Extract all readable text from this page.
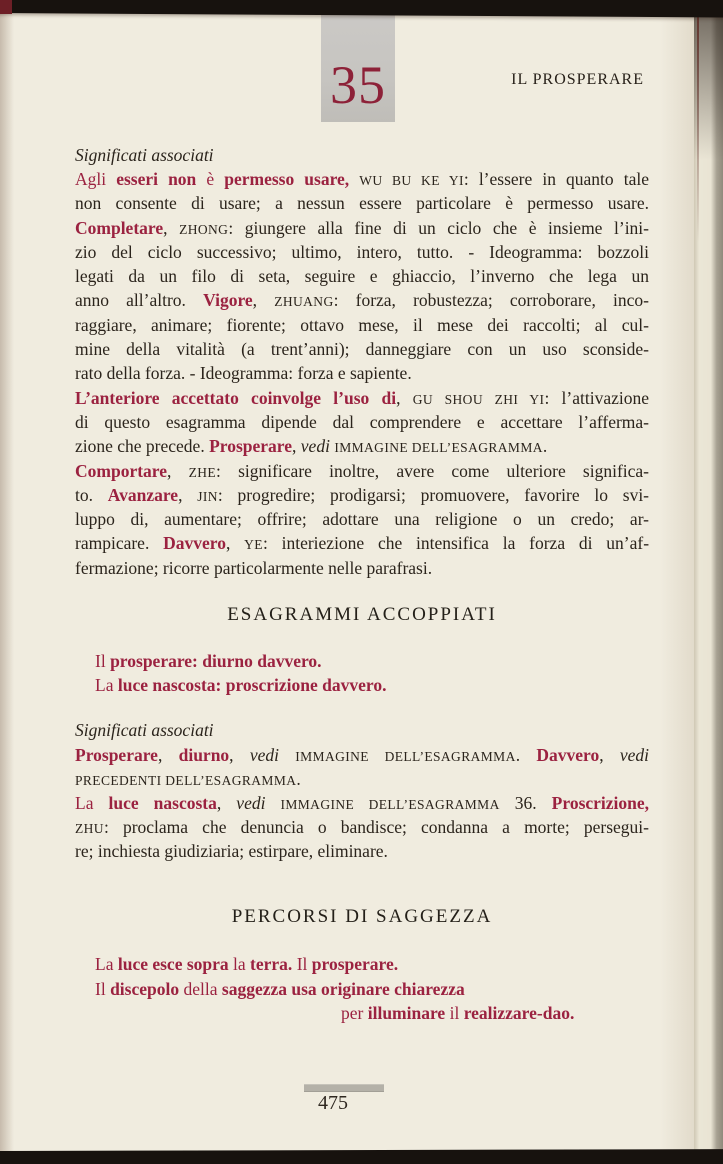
35	IL PROSPERARE
Significati associati
Agli esseri non è permesso usare, WU BU KE YI: l’essere in quanto tale
non consente di usare; a nessun essere particolare è permesso usare.
Completare, ZHONG: giungere alla fine di un ciclo che è insieme l’ini-
zio del ciclo successivo; ultimo, intero, tutto. - Ideogramma: bozzoli
legati da un filo di seta, seguire e ghiaccio, l’inverno che lega un
anno all’altro. Vigore, ZHUANG: forza, robustezza; corroborare, inco-
raggiare, animare; fiorente; ottavo mese, il mese dei raccolti; al cul-
mine della vitalità (a trent’anni); danneggiare con un uso sconside-
rato della forza. - Ideogramma: forza e sapiente.
L’anteriore accettato coinvolge l’uso di, GU SHOU ZHI YI: l’attivazione
di questo esagramma dipende dal comprendere e accettare l’afferma-
zione che precede. Prosperare, vedi IMMAGINE DELL’ESAGRAMMA.
Comportare, ZHE: significare inoltre, avere come ulteriore significa-
to. Avanzare, JIN: progredire; prodigarsi; promuovere, favorire lo svi-
luppo di, aumentare; offrire; adottare una religione o un credo; ar-
rampicare. Davvero, YE: interiezione che intensifica la forza di un’af-
fermazione; ricorre particolarmente nelle parafrasi.
ESAGRAMMI ACCOPPIATI
Il prosperare: diurno davvero.
La luce nascosta: proscrizione davvero.
Significati associati
Prosperare, diurno, vedi IMMAGINE DELL’ESAGRAMMA. Davvero, vedi
PRECEDENTI DELL’ESAGRAMMA.
La luce nascosta, vedi IMMAGINE DELL’ESAGRAMMA 36. Proscrizione,
ZHU: proclama che denuncia o bandisce; condanna a morte; persegui-
re; inchiesta giudiziaria; estirpare, eliminare.
PERCORSI DI SAGGEZZA
La luce esce sopra la terra. Il prosperare.
Il discepolo della saggezza usa originare chiarezza
per illuminare il realizzare-dao.
475
